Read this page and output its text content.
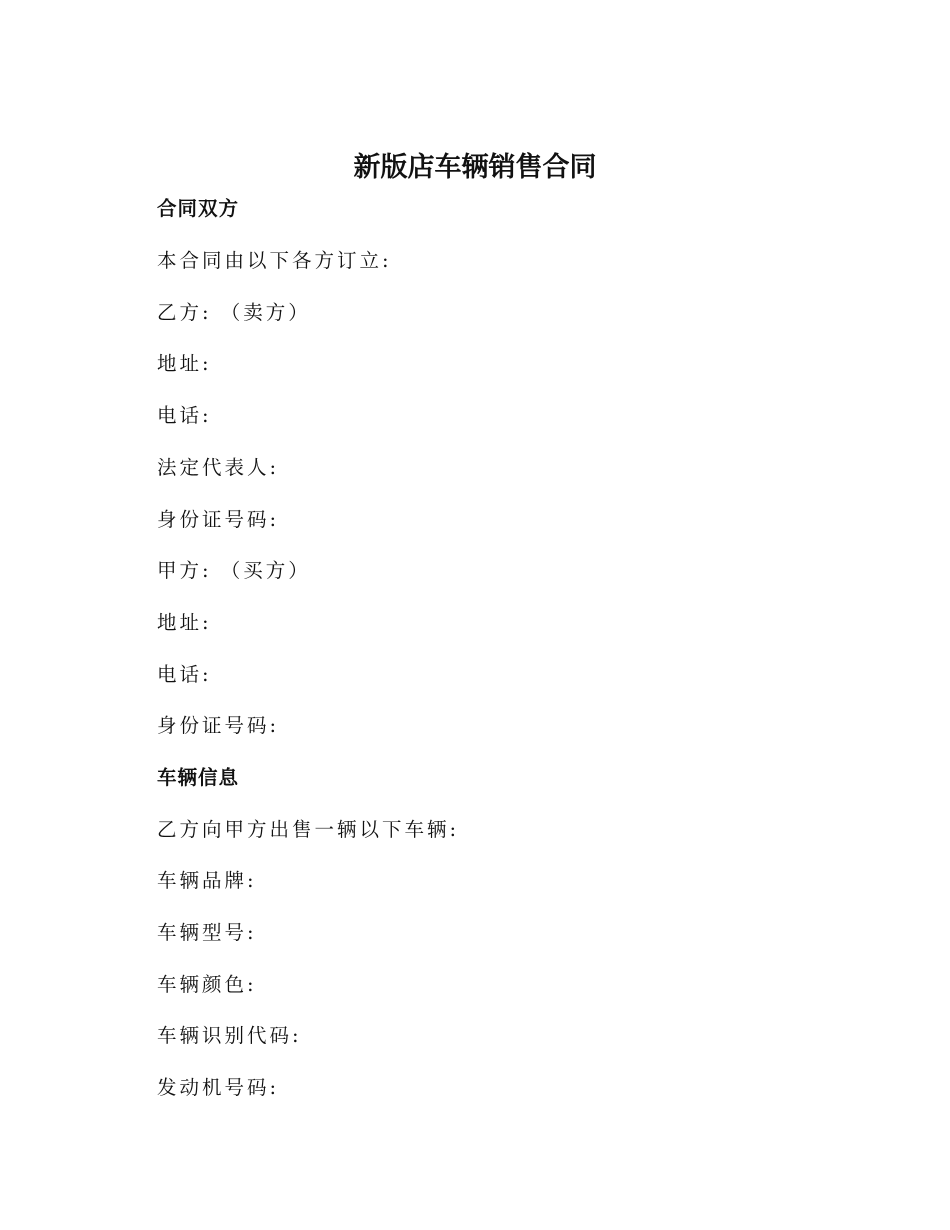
新版店车辆销售合同
合同双方
本合同由以下各方订立:
乙方: （卖方）
地址:
电话:
法定代表人:
身份证号码:
甲方: （买方）
地址:
电话:
身份证号码:
车辆信息
乙方向甲方出售一辆以下车辆:
车辆品牌:
车辆型号:
车辆颜色:
车辆识别代码:
发动机号码:
